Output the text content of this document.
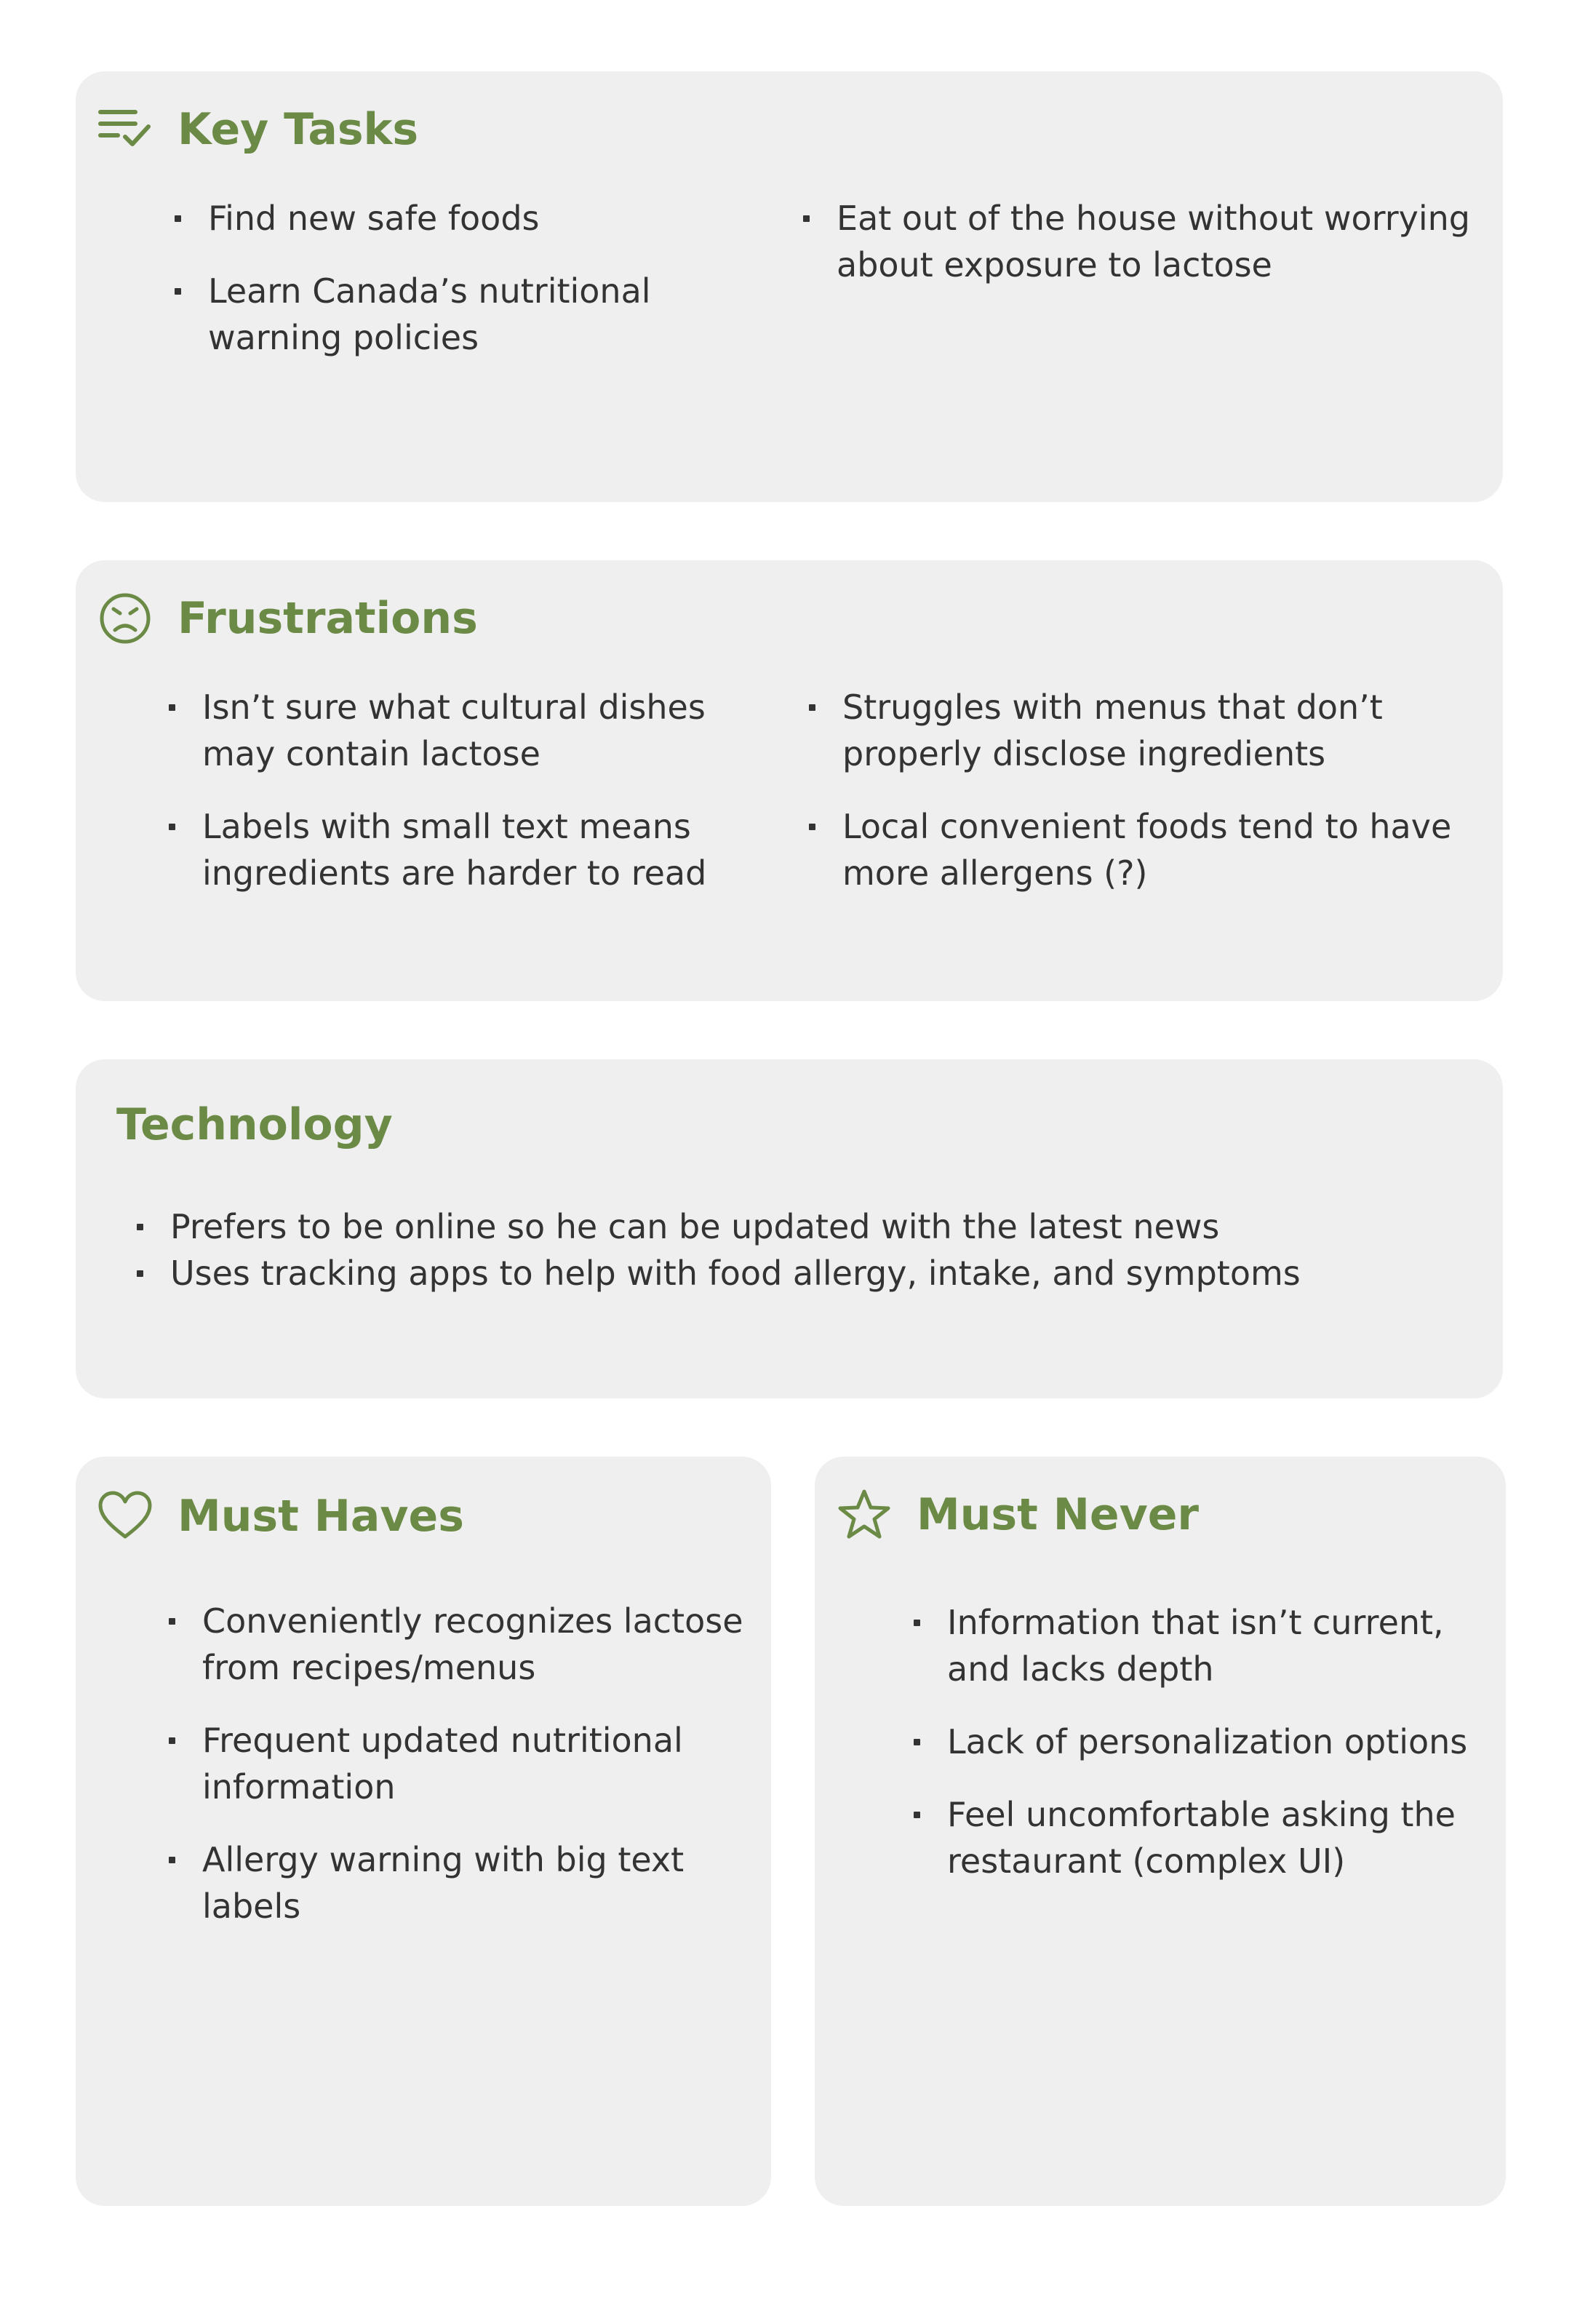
Key Tasks
Find new safe foods
Learn Canada’s nutritional warning policies
Eat out of the house without worrying about exposure to lactose
Frustrations
Isn’t sure what cultural dishes may contain lactose
Labels with small text means ingredients are harder to read
Struggles with menus that don’t properly disclose ingredients
Local convenient foods tend to have more allergens (?)
Technology
Prefers to be online so he can be updated with the latest news
Uses tracking apps to help with food allergy, intake, and symptoms
Must Haves
Conveniently recognizes lactose from recipes/menus
Frequent updated nutritional information
Allergy warning with big text labels
Must Never
Information that isn’t current, and lacks depth
Lack of personalization options
Feel uncomfortable asking the restaurant (complex UI)
